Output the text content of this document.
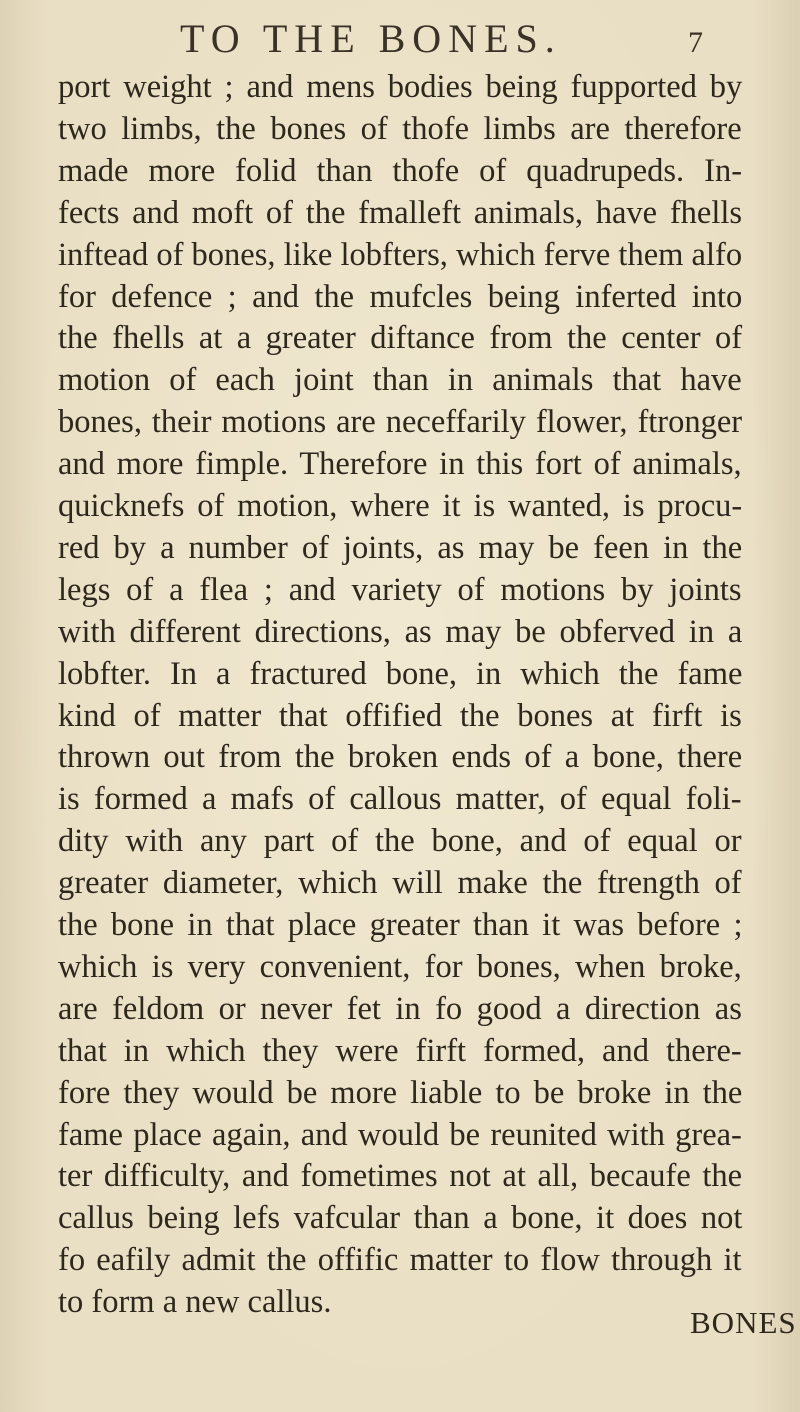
TO THE BONES.	7
port weight ; and mens bodies being fupported by
two limbs, the bones of thofe limbs are therefore
made more folid than thofe of quadrupeds. In-
fects and moft of the fmalleft animals, have fhells
inftead of bones, like lobfters, which ferve them alfo
for defence ; and the mufcles being inferted into
the fhells at a greater diftance from the center of
motion of each joint than in animals that have
bones, their motions are neceffarily flower, ftronger
and more fimple. Therefore in this fort of animals,
quicknefs of motion, where it is wanted, is procu-
red by a number of joints, as may be feen in the
legs of a flea ; and variety of motions by joints
with different directions, as may be obferved in a
lobfter. In a fractured bone, in which the fame
kind of matter that offified the bones at firft is
thrown out from the broken ends of a bone, there
is formed a mafs of callous matter, of equal foli-
dity with any part of the bone, and of equal or
greater diameter, which will make the ftrength of
the bone in that place greater than it was before ;
which is very convenient, for bones, when broke,
are feldom or never fet in fo good a direction as
that in which they were firft formed, and there-
fore they would be more liable to be broke in the
fame place again, and would be reunited with grea-
ter difficulty, and fometimes not at all, becaufe the
callus being lefs vafcular than a bone, it does not
fo eafily admit the offific matter to flow through it
to form a new callus.
BONES
